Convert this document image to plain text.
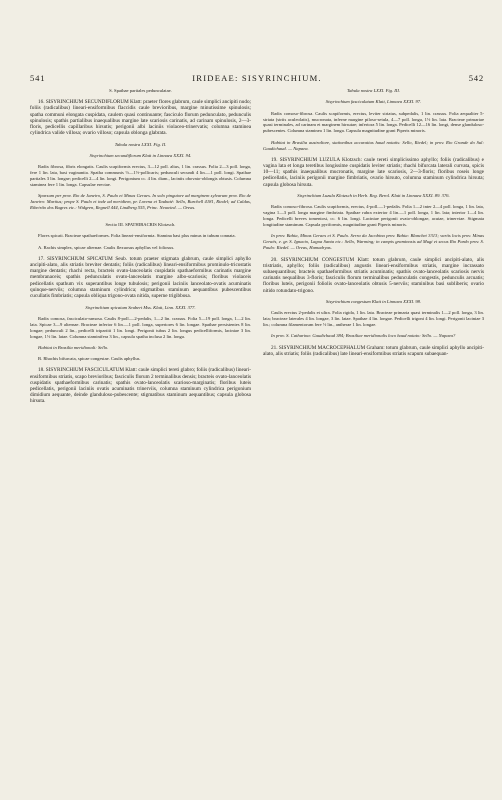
541	IRIDEAE: SISYRINCHIUM.	542

S. Spathae partiales pedunculatae.

16. SISYRINCHIUM SECUNDIFLORUM Klatt: praeter flores glabrum, caule simplici ancipiti nudo; foliis (radicalibus) lineari-ensiformibus flaccidis caule brevioribus, margine minutissime spinulosis; spatha communi elongata cuspidata, caulem quasi continuante; fasciculo florum pedunculato, pedunculis spinulosis; spathis partialibus inaequalibus margine late scariosis carinatis, ad carinam spinulosis, 2—3-floris, pedicellis capillaribus hirsutis; perigonii albi laciniis violaceo-trinervatis; columna staminea cylindrica valide villosa; ovario villoso; capsula oblonga glabrata.

Tabula nostra LXXI. Fig. II.

Sisyrinchium secundiflorum Klatt in Linnaea XXXI. 94.

Radix fibrosa, fibris elongatis. Caulis scapiformis erectus, 3—12 poll. altus, 1 lin. crassus. Folia 2—3 poll. longa, fere 1 lin. lata, basi vaginantia. Spatha communis ½—1½-pollicaris; pedunculi secundi 4 lin.—1 poll. longi. Spathae partiales 3 lin. longae; pedicelli 2—4 lin. longi. Perigonium cc. 4 lin. diam., laciniis obovato-oblongis obtusis. Columna staminea fere 1 lin. longa. Capsulae erectae.

Sparsum per prov. Rio de Janeiro, S. Paulo et Minas Geraes. In solo pinguiore ad marginem sylvarum prov. Rio de Janeiro: Martius; prope S. Paulo et inde ad meridiem, pr. Lorena et Taubaté: Sello, Burchell 4181, Riedel; ad Caldas, Ribeirão dos Bugres etc.: Widgren, Regnell 444, Lindberg 555, Princ. Neuwied. — Oreas.

Sectio III. SPATHIBACRIS Klotzsch.

Flores spicati. Bracteae spathaeformes. Folia lineari-ensiformia. Stamina basi plus minus in tubum connata.

A. Rachis simplex, spicae alternae. Caulis flexuosus aphyllus vel foliosus.

17. SISYRINCHIUM SPICATUM Seub. totum praeter stigmata glabrum, caule simplici aphyllo ancipiti-alato, alis striatis breviter dentatis; foliis (radicalibus) lineari-ensiformibus prominulo-tricostatis margine dentatis; rhachi recta, bracteis ovato-lanceolatis cuspidatis spathaeformibus carinatis margine membranaceis; spathis pedunculatis ovato-lanceolatis margine albo-scariosis; floribus violaceis pedicellatis spathum vix superantibus longe tubulosis; perigonii laciniis lanceolato-ovatis acuminatis quinque-nerviis; columna staminum cylindrica; stigmatibus staminum aequantibus pubescentibus cucullatis fimbriatis; capsula obliqua trigono-ovata nitida, superne trigibbosa.

Sisyrinchium spicatum Seubert Mss. Klatt, Linn. XXXI. 377.

Radix comosa, fasciculato-ramosa. Caulis 8-poll.—2-pedalis, 1—2 lin. crassus. Folia 5—19 poll. longa, 1—2 lin. lata. Spicae 3—9 alternae. Bracteae inferior 6 lin.—1 poll. longa, superiores 6 lin. longae. Spathae persistentes 8 lin. longae; pedunculi 2 lin., pedicelli tripartiti 1 lin. longi. Perigonii tubus 2 lin. longus pedicelliformis, laciniae 3 lin. longae, 1½ lin. latae. Columna staminifera 3 lin., capsula spatha inclusa 2 lin. longa.

Habitat in Brasilia meridionali: Sello.

B. Rhachis bifurcata, spicae congestae. Caulis aphyllus.

18. SISYRINCHIUM FASCICULATUM Klatt: caule simplici tereti glabro; foliis (radicalibus) lineari-ensiformibus striatis, scapo brevioribus; fasciculis florum 2 terminalibus densis; bracteis ovato-lanceolatis cuspidatis spathaeformibus carinatis; spathis ovato-lanceolatis scarioso-marginatis; floribus luteis pedicellatis, perigonii laciniis ovatis acuminatis trinerviis, columna staminum cylindrica perigonium dimidium aequante, deinde glanduloso-pubescente; stigmatibus staminum aequantibus; capsula globosa hirsuta.

Tabula nostra LXXI. Fig. III.

Sisyrinchium fasciculatum Klatt, Linnaea XXXI. 97.

Radix comoso-fibrosa. Caulis scapiformis, erectus, leviter striatus, subpedalis, 1 lin. crassus. Folia aequaliter 5-striata (striis aculeolatis), mucronata, inferne margine piloso-setula, 4—7 poll. longa, 1½ lin. lata. Bracteae primariae quasi terminales, ad carinam et marginem hirsutae; inferiora 5 lin. longa. Pedicelli 12—16 lin. longi, dense glanduloso-pubescentes. Columna staminea 1 lin. longa. Capsula magnitudine grani Piperis minoris.

Habitat in Brasilia australiore, stationibus accuratius haud notatis: Sello, Riedel; in prov. Rio Grande do Sul: Gaudichaud. — Napaea.

19. SISYRINCHIUM LUZULA Klotzsch: caule tereti simplicissimo aphyllo; foliis (radicalibus) e vagina lata et longa teretibus longissime cuspidatis leviter striatis; rhachi bifurcata laterali curvata, spicis 10—11; spathis inaequalibus mucronatis, margine late scariosis, 2—3-floris; floribus roseis longe pedicellatis, laciniis perigonii margine fimbriatis, ovario hirsuto, columna staminum cylindrica hirsuta; capsula globosa hirsuta.

Sisyrinchium Luzula Klotzsch in Herb. Reg. Berol. Klatt in Linnaea XXXI. 89. 376.

Radix comoso-fibrosa. Caulis scapiformis, erectus, 4-poll.—1-pedalis. Folia 1—2 inter 2—4 poll. longa, 1 lin. lata, vagina 1—3 poll. longa margine fimbriata. Spathae rubra exterior 4 lin.—1 poll. longa, 1 lin. lata; interior 1—4 lin. longa. Pedicelli breves tomentosi, cc. 6 lin. longi. Laciniae perigonii ovato-oblongae, acutae, trinerviae. Stigmata longitudine staminum. Capsula pyriformis, magnitudine grani Piperis minoris.

In prov. Bahia, Minas Geraes et S. Paulo. Serra da Jacobina prov. Bahia: Blanchet 3313; variis locis prov. Minas Geraës, e. gr. S. Ignacio, Lagoa Santa etc.: Sello, Warming; in campis graminosis ad Mugi et secus Rio Pardo prov. S. Paulo: Riedel. — Oreas, Hamadryas.

20. SISYRINCHIUM CONGESTUM Klatt: totum glabrum, caule simplici ancipiti-alato, alis tristriatis, aphyllo; foliis (radicalibus) angustis lineari-ensiformibus striatis, margine incrassato subaequantibus; bracteis spathaeformibus striatis acuminatis; spathis ovato-lanceolatis scariosis nervis carinatis nequalibus 3-floris; fasciculis florum terminalibus pedunculatis congestis, pedunculis arcuatis; floribus luteis, perigonii foliolis ovato-lanceolatis obtusis 5-nerviis; staminibus basi subliberis; ovario nitido rotundato-trigono.

Sisyrinchium congestum Klatt in Linnaea XXXI. 98.

Caulis erectus 2-pedalis et ultra. Folia rigida, 1 lin. lata. Bracteae primaria quasi terminalis 1—2 poll. longa, 3 lin. lata; bracteae laterales 4 lin. longae, 3 lin. latae. Spathae 4 lin. longae. Pedicelli trigoni 4 lin. longi. Perigonii laciniae 3 lin.; columna filamentorum fere ½ lin., antherae 1 lin. longae.

In prov. S. Catharina: Gaudichaud 384; Brasiliae meridionalis loco haud notato: Sello. — Napaea?

21. SISYRINCHIUM MACROCEPHALUM Graham: totum glabrum, caule simplici aphyllo ancipiti-alato, alis striatis; foliis (radicalibus) late lineari-ensiformibus striatis scapum subaequan-
